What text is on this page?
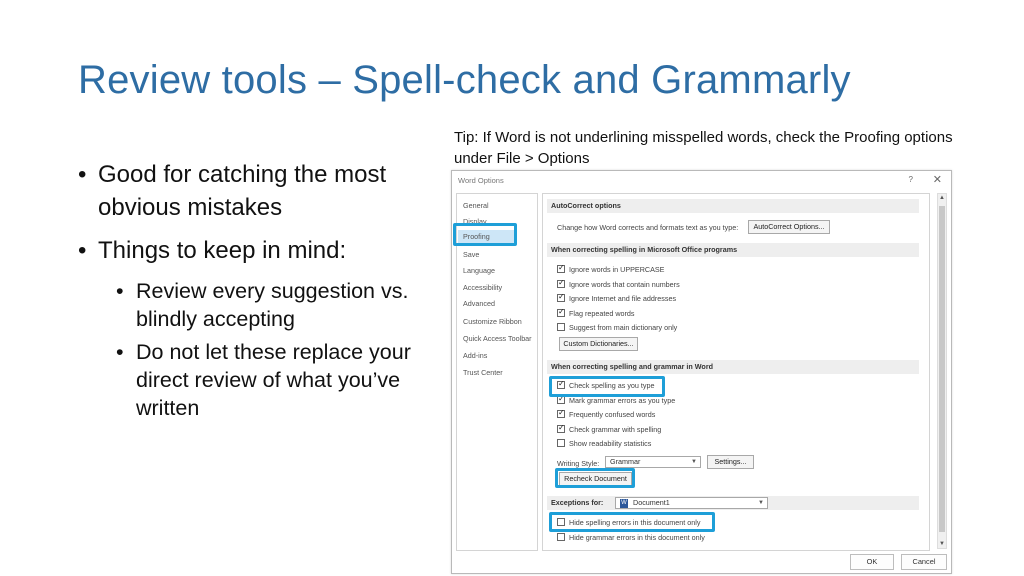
Review tools – Spell-check and Grammarly
Tip: If Word is not underlining misspelled words, check the Proofing options under File > Options
• Good for catching the most obvious mistakes
• Things to keep in mind:
• Review every suggestion vs. blindly accepting
• Do not let these replace your direct review of what you’ve written
Word Options	? ✕
General
Display
Proofing
Save
Language
Accessibility
Advanced
Customize Ribbon
Quick Access Toolbar
Add-ins
Trust Center
AutoCorrect options
Change how Word corrects and formats text as you type:	AutoCorrect Options...
When correcting spelling in Microsoft Office programs
✓
Ignore words in UPPERCASE
✓
Ignore words that contain numbers
✓
Ignore Internet and file addresses
✓
Flag repeated words
Suggest from main dictionary only
Custom Dictionaries...
When correcting spelling and grammar in Word
✓
Check spelling as you type
✓
Mark grammar errors as you type
✓
Frequently confused words
✓
Check grammar with spelling
Show readability statistics
Writing Style:	Grammar	▼	Settings...
Recheck Document
Exceptions for:	W Document1	▼
Hide spelling errors in this document only
Hide grammar errors in this document only
▲
▼
OK	Cancel
